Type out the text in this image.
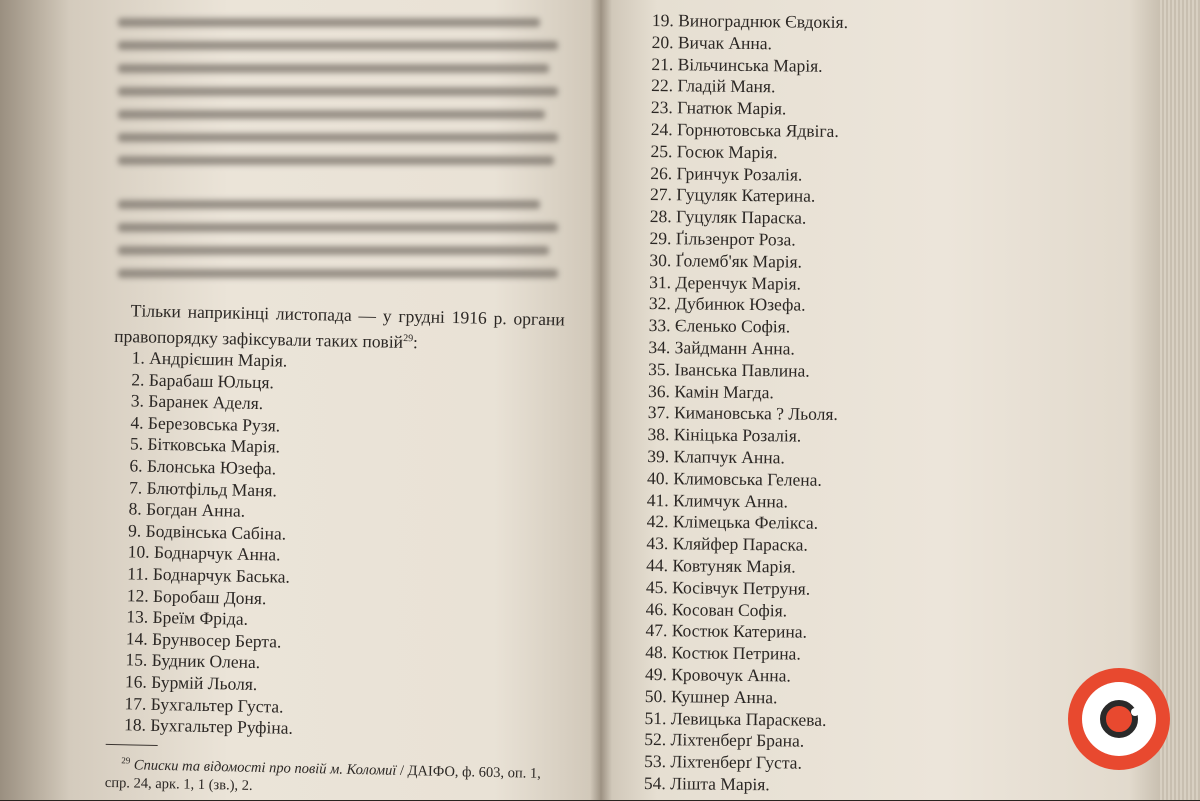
Тільки наприкінці листопада — у грудні 1916 р. органи правопорядку зафіксували таких повій$^{29}$:

1. Андрієшин Марія.
2. Барабаш Юльця.
3. Баранек Аделя.
4. Березовська Рузя.
5. Бітковська Марія.
6. Блонська Юзефа.
7. Блютфільд Маня.
8. Богдан Анна.
9. Бодвінська Сабіна.
10. Боднарчук Анна.
11. Боднарчук Баська.
12. Боробаш Доня.
13. Бреїм Фріда.
14. Брунвосер Берта.
15. Будник Олена.
16. Бурмій Льоля.
17. Бухгальтер Густа.
18. Бухгальтер Руфіна.

$^{29}$ Списки та відомості про повій м. Коломиї / ДАІФО, ф. 603, оп. 1, спр. 24, арк. 1, 1 (зв.), 2.

19. Винограднюк Євдокія.
20. Вичак Анна.
21. Вільчинська Марія.
22. Гладій Маня.
23. Гнатюк Марія.
24. Горнютовська Ядвіга.
25. Госюк Марія.
26. Гринчук Розалія.
27. Гуцуляк Катерина.
28. Гуцуляк Параска.
29. Ґільзенрот Роза.
30. Ґолемб'як Марія.
31. Деренчук Марія.
32. Дубинюк Юзефа.
33. Єленько Софія.
34. Зайдманн Анна.
35. Іванська Павлина.
36. Камін Магда.
37. Кимановська ? Льоля.
38. Кініцька Розалія.
39. Клапчук Анна.
40. Климовська Гелена.
41. Климчук Анна.
42. Клімецька Фелікса.
43. Кляйфер Параска.
44. Ковтуняк Марія.
45. Косівчук Петруня.
46. Косован Софія.
47. Костюк Катерина.
48. Костюк Петрина.
49. Кровочук Анна.
50. Кушнер Анна.
51. Левицька Параскева.
52. Ліхтенберґ Брана.
53. Ліхтенберґ Густа.
54. Лішта Марія.
